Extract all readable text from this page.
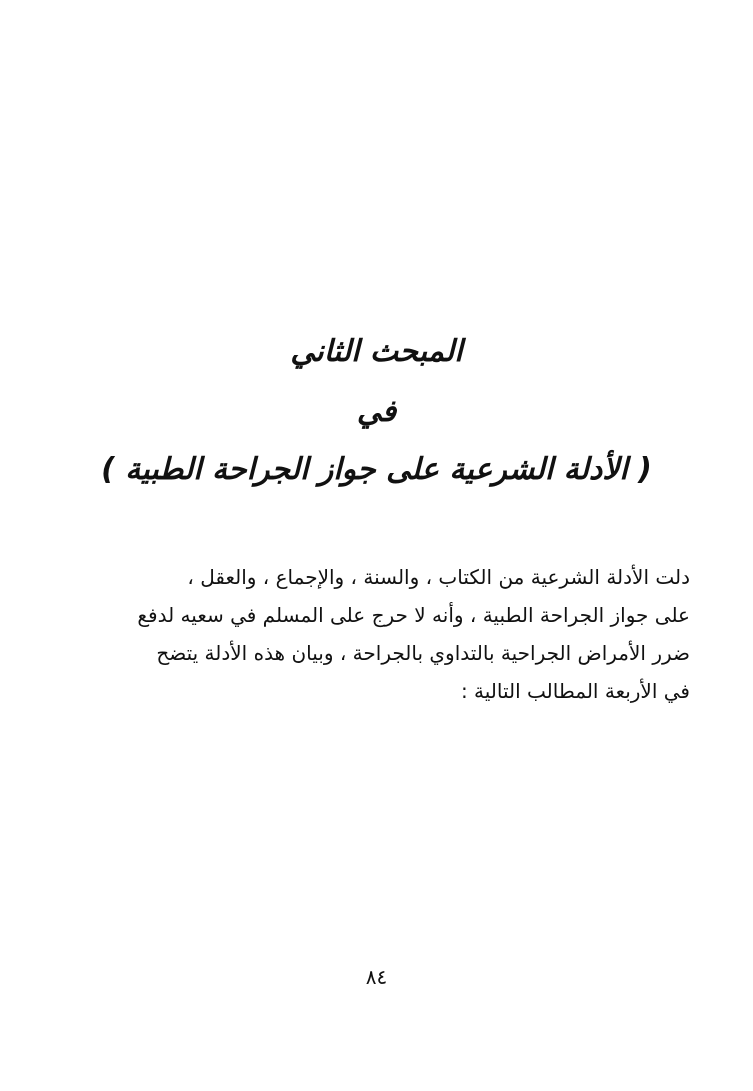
المبحث الثاني
في
( الأدلة الشرعية على جواز الجراحة الطبية )
دلت الأدلة الشرعية من الكتاب ، والسنة ، والإجماع ، والعقل ،
على جواز الجراحة الطبية ، وأنه لا حرج على المسلم في سعيه لدفع
ضرر الأمراض الجراحية بالتداوي بالجراحة ، وبيان هذه الأدلة يتضح
في الأربعة المطالب التالية :
٨٤
